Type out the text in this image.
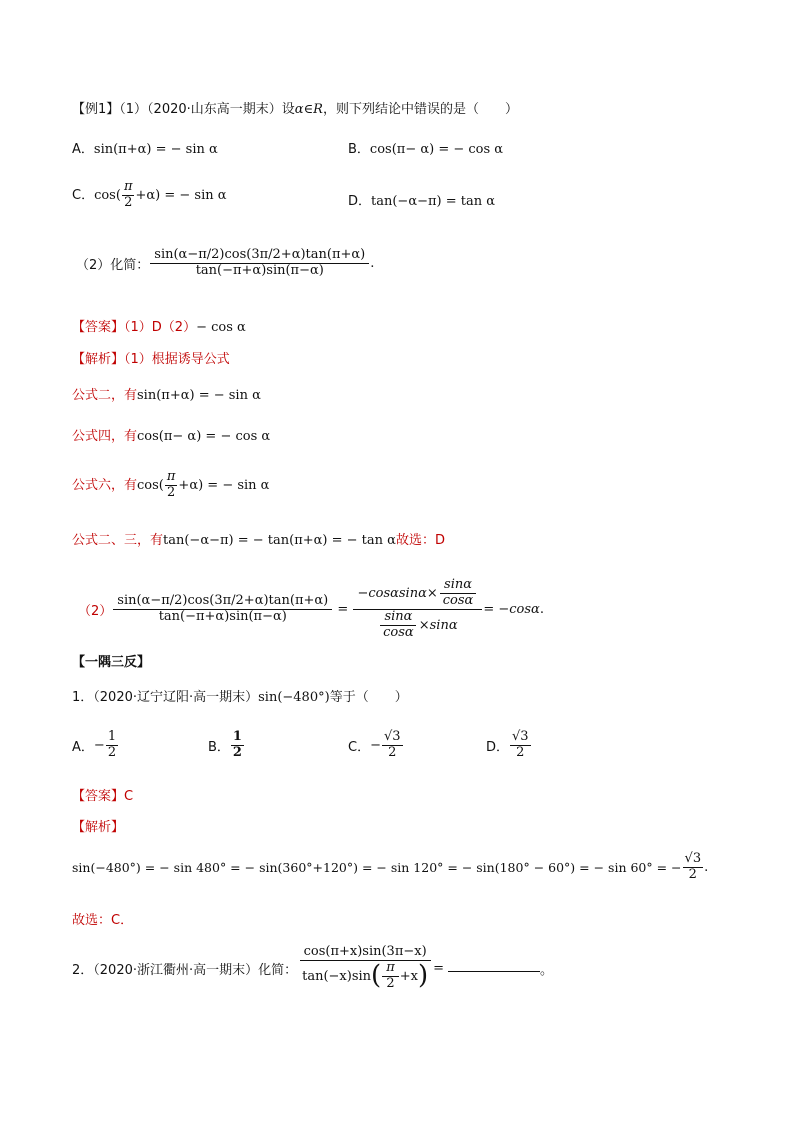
【例1】（1）（2020·山东高一期末）设α∈R，则下列结论中错误的是（　　）
A．sin(π+α) = − sin α	B．cos(π− α) = − cos α
C．$\cos( \frac{\pi}{2} +\alpha)$ = − sin α	D．tan(−α−π) = tan α
（2）化简： $\frac{\sin(\alpha-\pi/2)\cos(3\pi/2+\alpha)\tan(\pi+\alpha)}{\tan(-\pi+\alpha)\sin(\pi-\alpha)}$ .
【答案】（1）D（2）− cos α
【解析】（1）根据诱导公式
公式二，有sin(π+α) = − sin α
公式四，有cos(π− α) = − cos α
公式六，有$\cos( \frac{\pi}{2} +\alpha)$ = − sin α
公式二、三，有tan(−α−π) = − tan(π+α) = − tan α故选：D
$(2) \frac{\sin(\alpha-\pi/2)\cos(3\pi/2+\alpha)\tan(\pi+\alpha)}{\tan(-\pi+\alpha)\sin(\pi-\alpha)} = \frac{-\cos\alpha\sin\alpha\times \frac{\sin\alpha}{\cos\alpha}}{\frac{\sin\alpha}{\cos\alpha} \times\sin\alpha} = -\cos\alpha$.
【一隅三反】
1．（2020·辽宁辽阳·高一期末）sin(−480°)等于（　　）
A．− $\frac{1}{2}$	B． $\frac{1}{2}$	C．− $\frac{√3}{2}$	D． $\frac{√3}{2}$
【答案】C
【解析】
sin(−480°) = − sin 480° = − sin(360°+120°) = − sin 120° = − sin(180° − 60°) = − sin 60° = − $\frac{√3}{2}$ .
故选：C．
2．（2020·浙江衢州·高一期末）化简： $\frac{\cos(\pi+x)\sin(3\pi-x)}{\tan(-x)\sin( \frac{\pi}{2} +x)}$ =	。
